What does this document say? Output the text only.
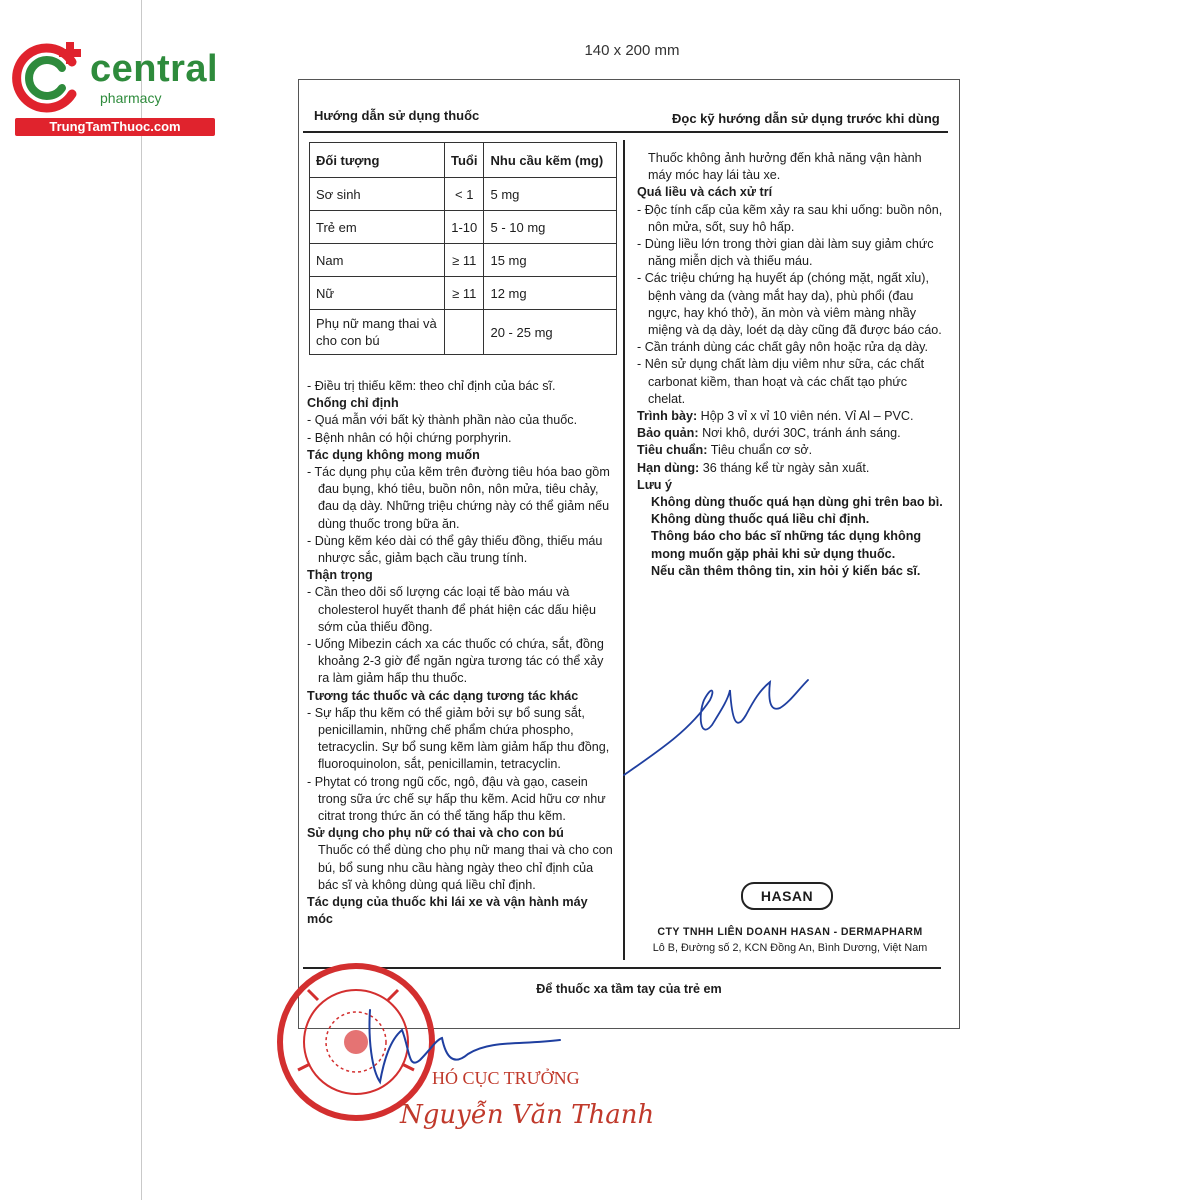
central
pharmacy
TrungTamThuoc.com
140 x 200 mm
Hướng dẫn sử dụng thuốc	Đọc kỹ hướng dẫn sử dụng trước khi dùng
Đối tượng	Tuổi	Nhu cầu kẽm (mg)
Sơ sinh	< 1	5 mg
Trẻ em	1-10	5 - 10 mg
Nam	≥ 11	15 mg
Nữ	≥ 11	12 mg
Phụ nữ mang thai và cho con bú		20 - 25 mg

- Điều trị thiếu kẽm: theo chỉ định của bác sĩ.

Chống chỉ định

- Quá mẫn với bất kỳ thành phần nào của thuốc.

- Bệnh nhân có hội chứng porphyrin.

Tác dụng không mong muốn

- Tác dụng phụ của kẽm trên đường tiêu hóa bao gồm đau bụng, khó tiêu, buồn nôn, nôn mửa, tiêu chảy, đau dạ dày. Những triệu chứng này có thể giảm nếu dùng thuốc trong bữa ăn.

- Dùng kẽm kéo dài có thể gây thiếu đồng, thiếu máu nhược sắc, giảm bạch cầu trung tính.

Thận trọng

- Cần theo dõi số lượng các loại tế bào máu và cholesterol huyết thanh để phát hiện các dấu hiệu sớm của thiếu đồng.

- Uống Mibezin cách xa các thuốc có chứa, sắt, đồng khoảng 2-3 giờ để ngăn ngừa tương tác có thể xảy ra làm giảm hấp thu thuốc.

Tương tác thuốc và các dạng tương tác khác

- Sự hấp thu kẽm có thể giảm bởi sự bổ sung sắt, penicillamin, những chế phẩm chứa phospho, tetracyclin. Sự bổ sung kẽm làm giảm hấp thu đồng, fluoroquinolon, sắt, penicillamin, tetracyclin.

- Phytat có trong ngũ cốc, ngô, đậu và gạo, casein trong sữa ức chế sự hấp thu kẽm. Acid hữu cơ như citrat trong thức ăn có thể tăng hấp thu kẽm.

Sử dụng cho phụ nữ có thai và cho con bú

Thuốc có thể dùng cho phụ nữ mang thai và cho con bú, bổ sung nhu cầu hàng ngày theo chỉ định của bác sĩ và không dùng quá liều chỉ định.

Tác dụng của thuốc khi lái xe và vận hành máy móc

Thuốc không ảnh hưởng đến khả năng vận hành máy móc hay lái tàu xe.

Quá liều và cách xử trí

- Độc tính cấp của kẽm xảy ra sau khi uống: buồn nôn, nôn mửa, sốt, suy hô hấp.

- Dùng liều lớn trong thời gian dài làm suy giảm chức năng miễn dịch và thiếu máu.

- Các triệu chứng hạ huyết áp (chóng mặt, ngất xỉu), bệnh vàng da (vàng mắt hay da), phù phổi (đau ngực, hay khó thở), ăn mòn và viêm màng nhầy miệng và dạ dày, loét dạ dày cũng đã được báo cáo.

- Cần tránh dùng các chất gây nôn hoặc rửa dạ dày.

- Nên sử dụng chất làm dịu viêm như sữa, các chất carbonat kiềm, than hoạt và các chất tạo phức chelat.

Trình bày: Hộp 3 vỉ x vỉ 10 viên nén. Vỉ Al – PVC.

Bảo quản: Nơi khô, dưới 30C, tránh ánh sáng.

Tiêu chuẩn: Tiêu chuẩn cơ sở.

Hạn dùng: 36 tháng kể từ ngày sản xuất.

Lưu ý

Không dùng thuốc quá hạn dùng ghi trên bao bì.

Không dùng thuốc quá liều chỉ định.

Thông báo cho bác sĩ những tác dụng không mong muốn gặp phải khi sử dụng thuốc.

Nếu cần thêm thông tin, xin hỏi ý kiến bác sĩ.

HASAN
CTY TNHH LIÊN DOANH HASAN - DERMAPHARM
Lô B, Đường số 2, KCN Đồng An, Bình Dương, Việt Nam
Để thuốc xa tầm tay của trẻ em
HÓ CỤC TRƯỞNG
Nguyễn Văn Thanh
